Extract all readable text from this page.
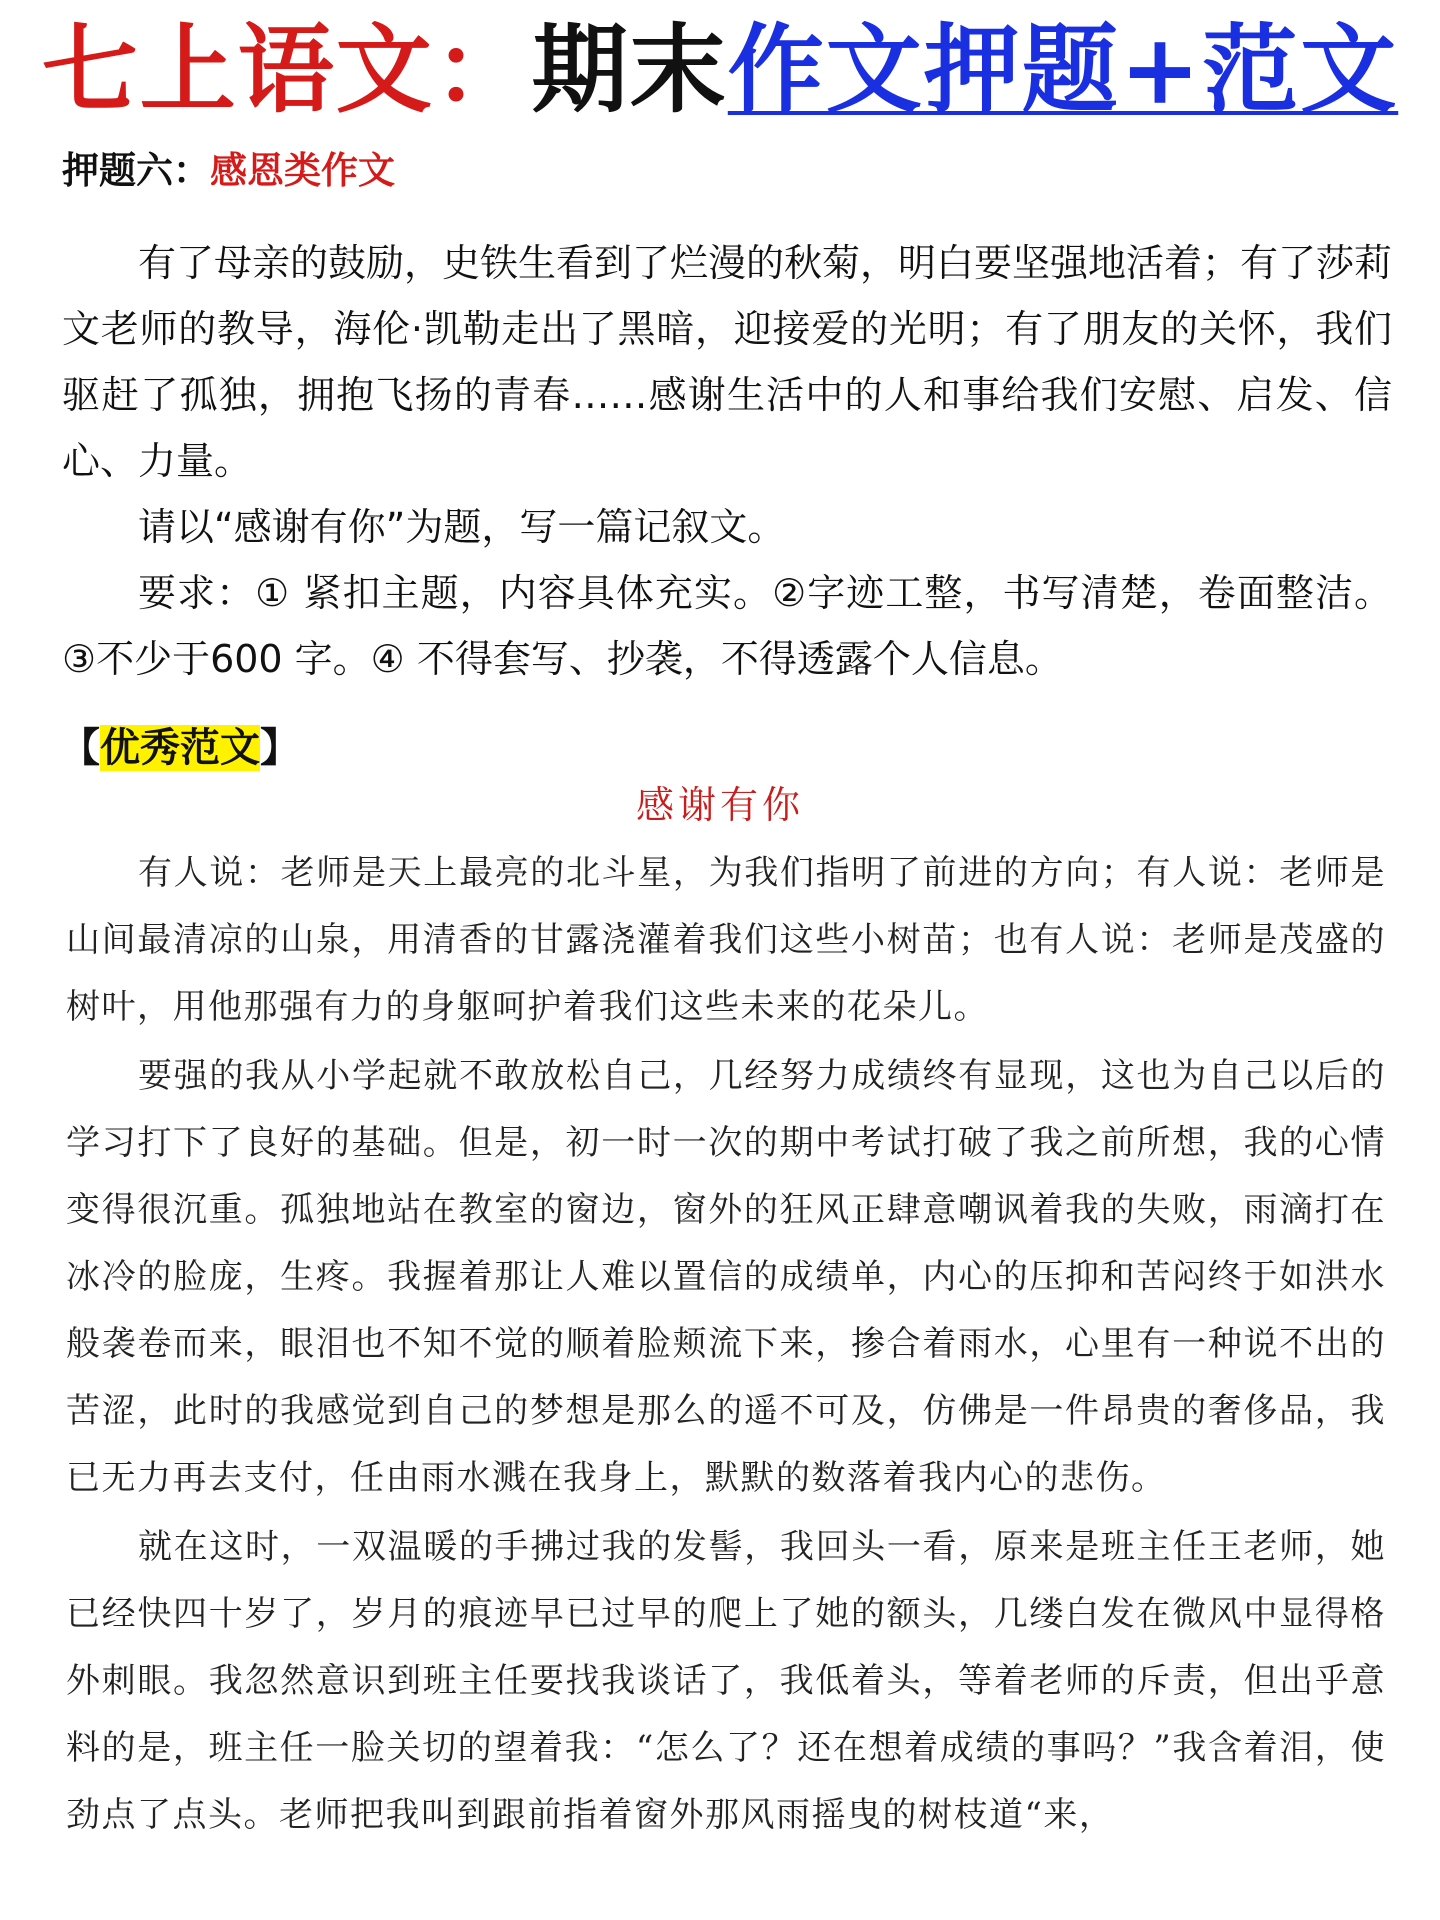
七上语文：期末作文押题+范文
押题六：感恩类作文

有了母亲的鼓励，史铁生看到了烂漫的秋菊，明白要坚强地活着；有了莎莉文老师的教导，海伦·凯勒走出了黑暗，迎接爱的光明；有了朋友的关怀，我们驱赶了孤独，拥抱飞扬的青春……感谢生活中的人和事给我们安慰、启发、信心、力量。

请以“感谢有你”为题，写一篇记叙文。

要求：① 紧扣主题，内容具体充实。②字迹工整，书写清楚，卷面整洁。③不少于600 字。④ 不得套写、抄袭，不得透露个人信息。

【优秀范文】
感谢有你

有人说：老师是天上最亮的北斗星，为我们指明了前进的方向；有人说：老师是山间最清凉的山泉，用清香的甘露浇灌着我们这些小树苗；也有人说：老师是茂盛的树叶，用他那强有力的身躯呵护着我们这些未来的花朵儿。

要强的我从小学起就不敢放松自己，几经努力成绩终有显现，这也为自己以后的学习打下了良好的基础。但是，初一时一次的期中考试打破了我之前所想，我的心情变得很沉重。孤独地站在教室的窗边，窗外的狂风正肆意嘲讽着我的失败，雨滴打在冰冷的脸庞，生疼。我握着那让人难以置信的成绩单，内心的压抑和苦闷终于如洪水般袭卷而来，眼泪也不知不觉的顺着脸颊流下来，掺合着雨水，心里有一种说不出的苦涩，此时的我感觉到自己的梦想是那么的遥不可及，仿佛是一件昂贵的奢侈品，我已无力再去支付，任由雨水溅在我身上，默默的数落着我内心的悲伤。

就在这时，一双温暖的手拂过我的发髻，我回头一看，原来是班主任王老师，她已经快四十岁了，岁月的痕迹早已过早的爬上了她的额头，几缕白发在微风中显得格外刺眼。我忽然意识到班主任要找我谈话了，我低着头，等着老师的斥责，但出乎意料的是，班主任一脸关切的望着我：“怎么了？还在想着成绩的事吗？”我含着泪，使劲点了点头。老师把我叫到跟前指着窗外那风雨摇曳的树枝道“来，
